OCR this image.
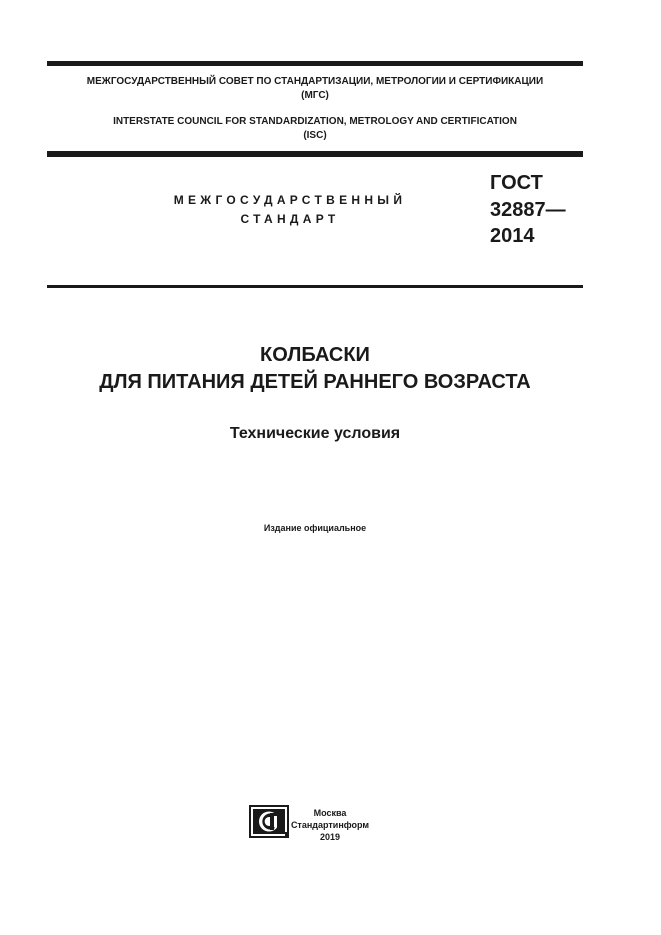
МЕЖГОСУДАРСТВЕННЫЙ СОВЕТ ПО СТАНДАРТИЗАЦИИ, МЕТРОЛОГИИ И СЕРТИФИКАЦИИ
(МГС)
INTERSTATE COUNCIL FOR STANDARDIZATION, METROLOGY AND CERTIFICATION
(ISC)
МЕЖГОСУДАРСТВЕННЫЙ
СТАНДАРТ
ГОСТ
32887—
2014
КОЛБАСКИ
ДЛЯ ПИТАНИЯ ДЕТЕЙ РАННЕГО ВОЗРАСТА
Технические условия
Издание официальное
Москва
Стандартинформ
2019
